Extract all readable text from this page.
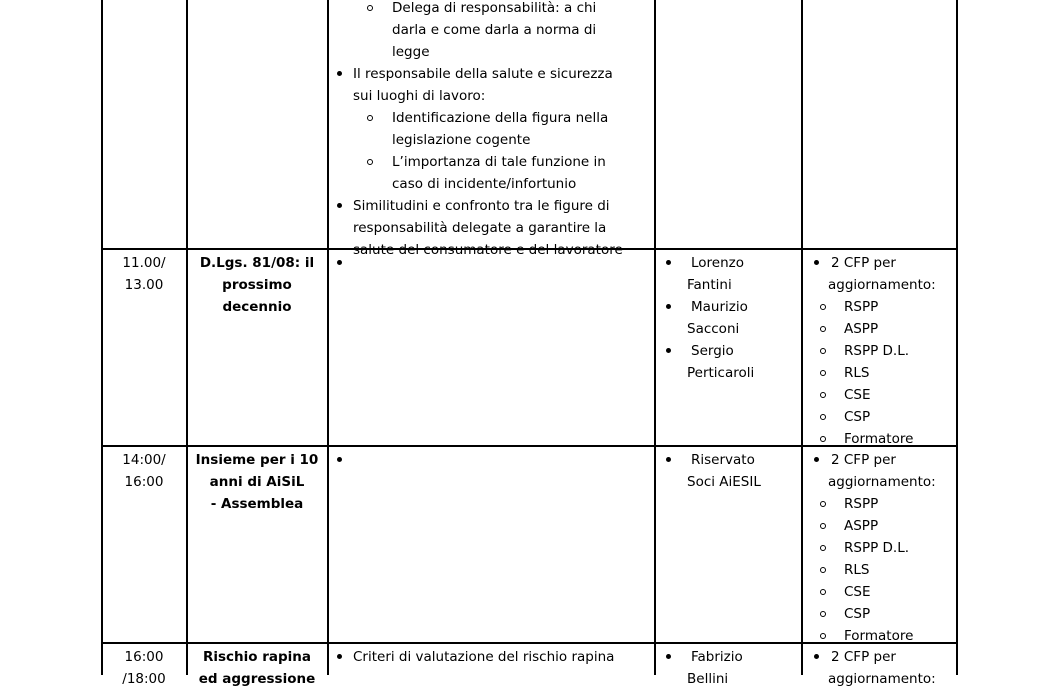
Delega di responsabilità: a chi
darla e come darla a norma di
legge
Il responsabile della salute e sicurezza
sui luoghi di lavoro:
Identificazione della figura nella
legislazione cogente
L’importanza di tale funzione in
caso di incidente/infortunio
Similitudini e confronto tra le figure di
responsabilità delegate a garantire la
salute del consumatore e del lavoratore
11.00/
13.00
D.Lgs. 81/08: il
prossimo
decennio
Lorenzo
Fantini
Maurizio
Sacconi
Sergio
Perticaroli
2 CFP per
aggiornamento:
RSPP
ASPP
RSPP D.L.
RLS
CSE
CSP
Formatore
14:00/
16:00
Insieme per i 10
anni di AiSiL
- Assemblea
Riservato
Soci AiESIL
2 CFP per
aggiornamento:
RSPP
ASPP
RSPP D.L.
RLS
CSE
CSP
Formatore
16:00
/18:00
Rischio rapina
ed aggressione
Criteri di valutazione del rischio rapina	Fabrizio
Bellini
2 CFP per
aggiornamento:
